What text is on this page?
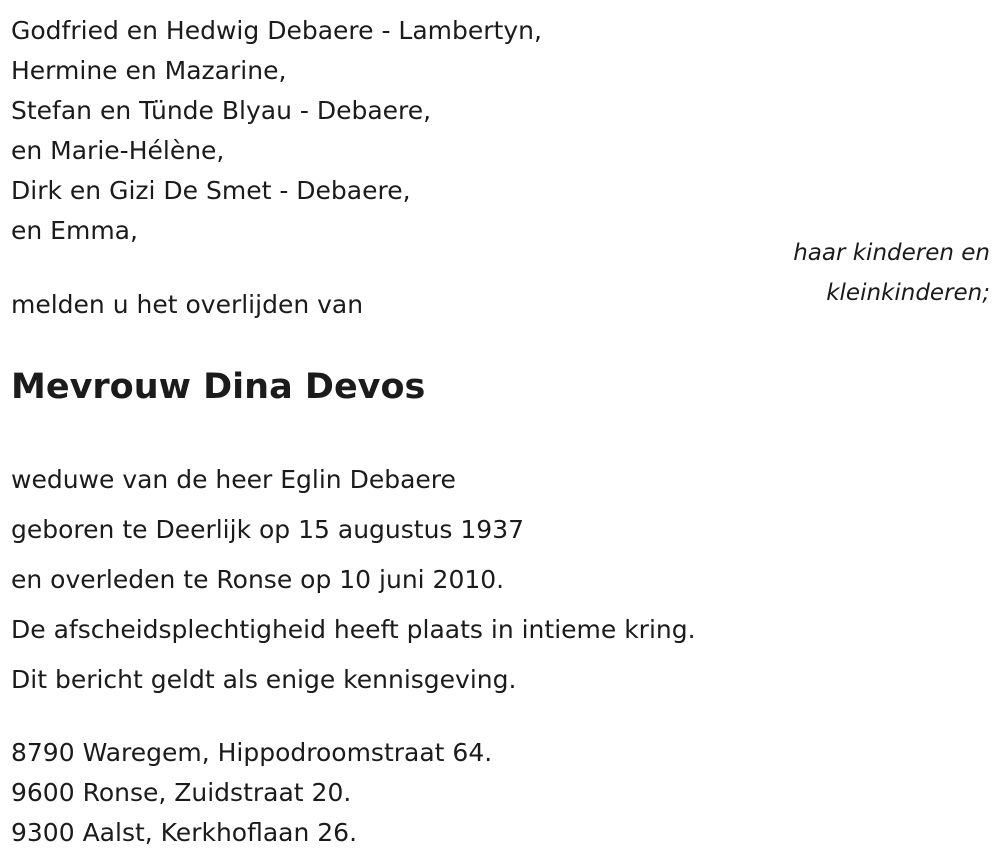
Godfried en Hedwig Debaere - Lambertyn,
Hermine en Mazarine,
Stefan en Tünde Blyau - Debaere,
en Marie-Hélène,
Dirk en Gizi De Smet - Debaere,
en Emma,
haar kinderen en
kleinkinderen;
melden u het overlijden van
Mevrouw Dina Devos
weduwe van de heer Eglin Debaere
geboren te Deerlijk op 15 augustus 1937
en overleden te Ronse op 10 juni 2010.
De afscheidsplechtigheid heeft plaats in intieme kring.
Dit bericht geldt als enige kennisgeving.
8790 Waregem, Hippodroomstraat 64.
9600 Ronse, Zuidstraat 20.
9300 Aalst, Kerkhoflaan 26.
